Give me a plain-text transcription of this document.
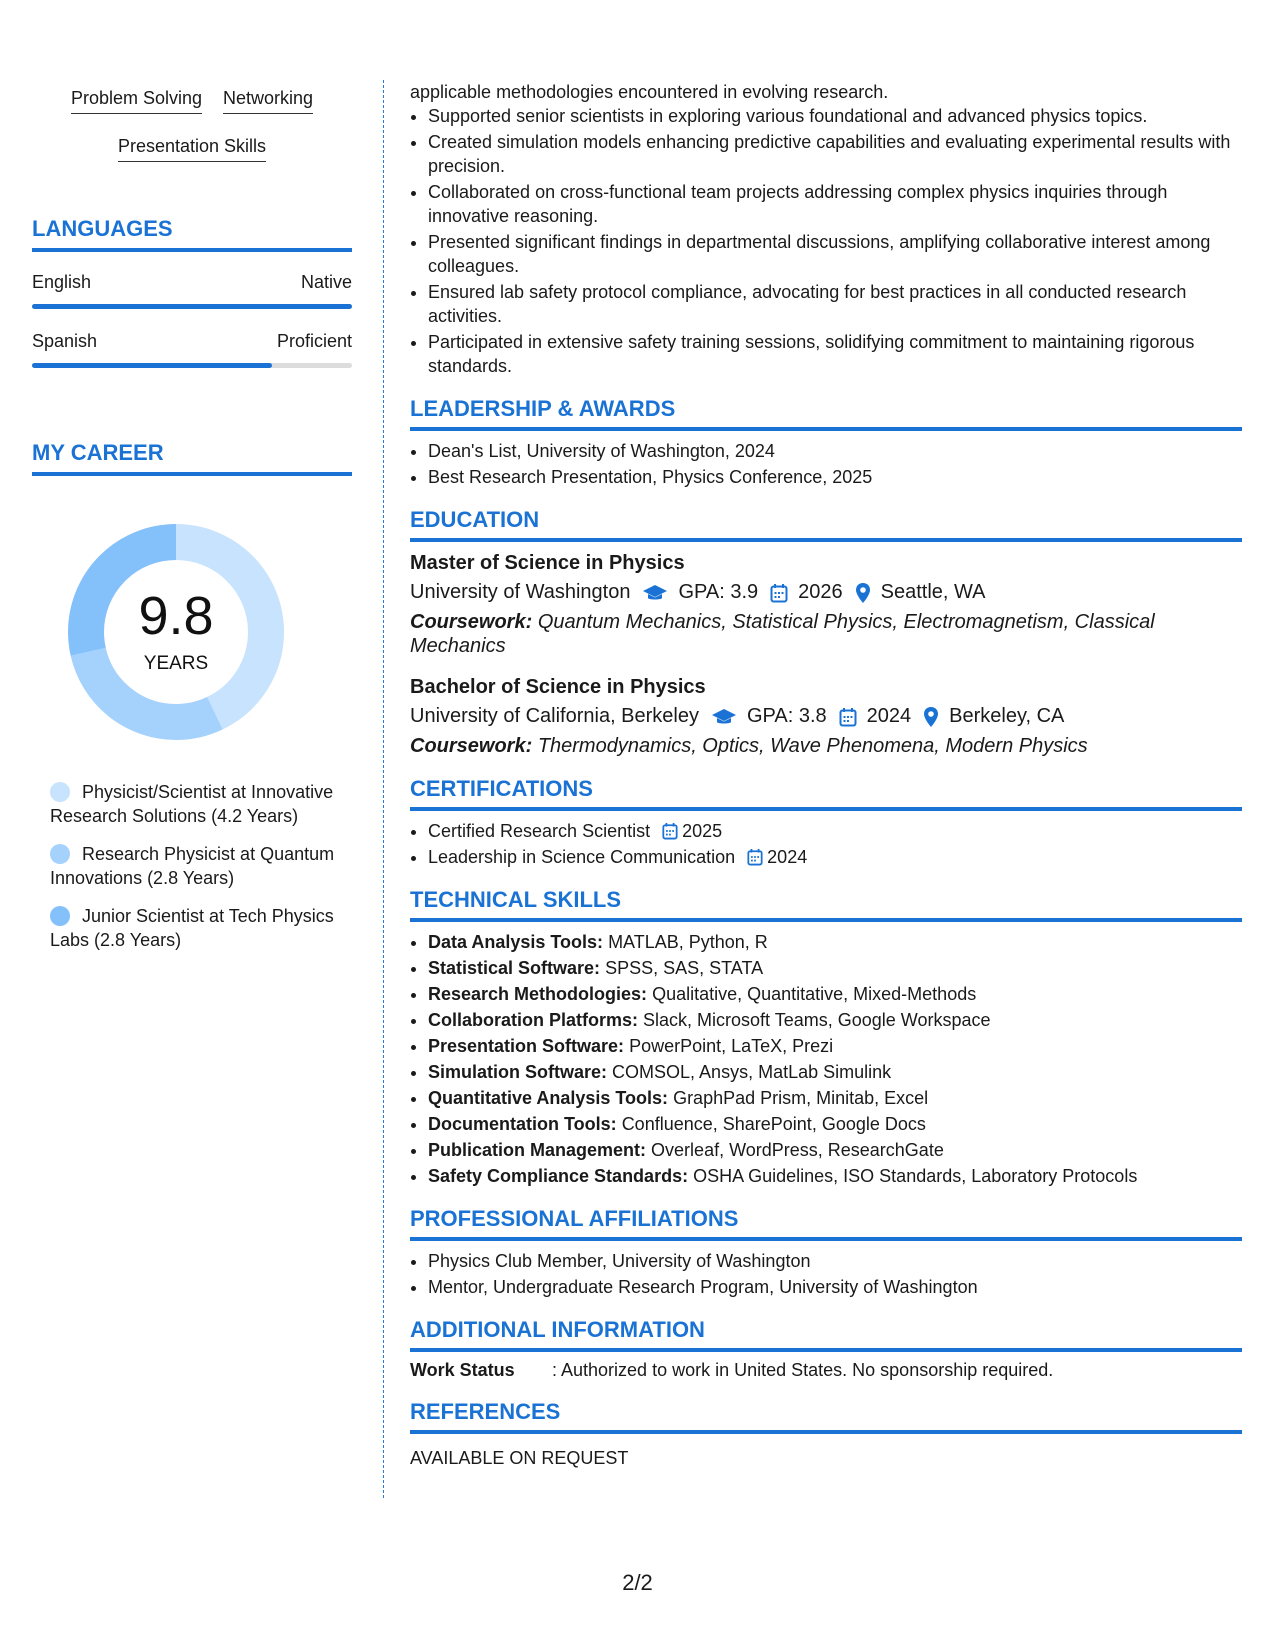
Problem Solving Networking
Presentation Skills
LANGUAGES
English	Native
Spanish	Proficient
MY CAREER
9.8
YEARS
Physicist/Scientist at Innovative Research Solutions (4.2 Years)
Research Physicist at Quantum Innovations (2.8 Years)
Junior Scientist at Tech Physics Labs (2.8 Years)
applicable methodologies encountered in evolving research.
• Supported senior scientists in exploring various foundational and advanced physics topics.
• Created simulation models enhancing predictive capabilities and evaluating experimental results with precision.
• Collaborated on cross-functional team projects addressing complex physics inquiries through innovative reasoning.
• Presented significant findings in departmental discussions, amplifying collaborative interest among colleagues.
• Ensured lab safety protocol compliance, advocating for best practices in all conducted research activities.
• Participated in extensive safety training sessions, solidifying commitment to maintaining rigorous standards.
LEADERSHIP & AWARDS
• Dean's List, University of Washington, 2024
• Best Research Presentation, Physics Conference, 2025
EDUCATION
Master of Science in Physics
University of Washington GPA: 3.9 2026 Seattle, WA
Coursework: Quantum Mechanics, Statistical Physics, Electromagnetism, Classical Mechanics
Bachelor of Science in Physics
University of California, Berkeley GPA: 3.8 2024 Berkeley, CA
Coursework: Thermodynamics, Optics, Wave Phenomena, Modern Physics
CERTIFICATIONS
• Certified Research Scientist 2025
• Leadership in Science Communication 2024
TECHNICAL SKILLS
• Data Analysis Tools: MATLAB, Python, R
• Statistical Software: SPSS, SAS, STATA
• Research Methodologies: Qualitative, Quantitative, Mixed-Methods
• Collaboration Platforms: Slack, Microsoft Teams, Google Workspace
• Presentation Software: PowerPoint, LaTeX, Prezi
• Simulation Software: COMSOL, Ansys, MatLab Simulink
• Quantitative Analysis Tools: GraphPad Prism, Minitab, Excel
• Documentation Tools: Confluence, SharePoint, Google Docs
• Publication Management: Overleaf, WordPress, ResearchGate
• Safety Compliance Standards: OSHA Guidelines, ISO Standards, Laboratory Protocols
PROFESSIONAL AFFILIATIONS
• Physics Club Member, University of Washington
• Mentor, Undergraduate Research Program, University of Washington
ADDITIONAL INFORMATION
Work Status	: Authorized to work in United States. No sponsorship required.
REFERENCES
AVAILABLE ON REQUEST
2/2
